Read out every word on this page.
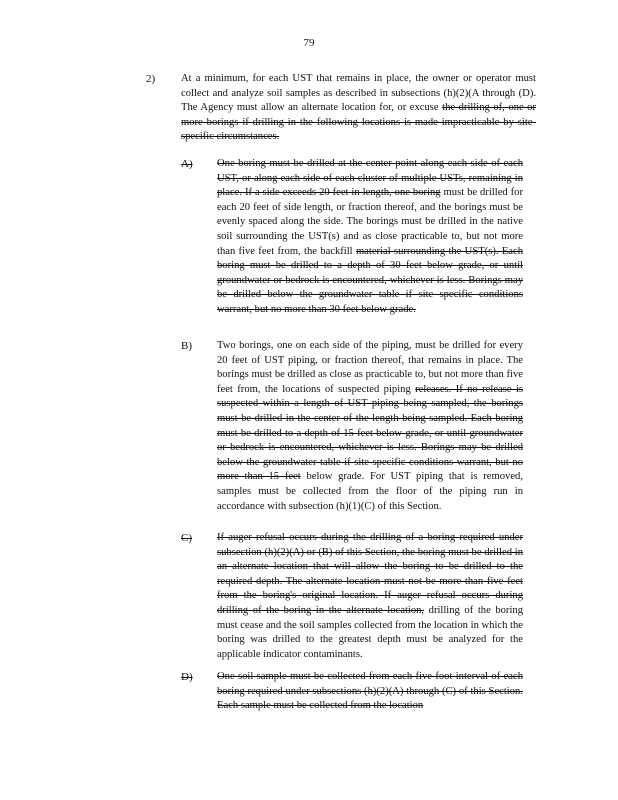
79
2) At a minimum, for each UST that remains in place, the owner or operator must collect and analyze soil samples as described in subsections (h)(2)(A through (D). The Agency must allow an alternate location for, or excuse the drilling of, one or more borings if drilling in the following locations is made impracticable by site-specific circumstances.
A) One boring must be drilled at the center point along each side of each UST, or along each side of each cluster of multiple USTs, remaining in place. If a side exceeds 20 feet in length, one boring must be drilled for each 20 feet of side length, or fraction thereof, and the borings must be evenly spaced along the side. The borings must be drilled in the native soil surrounding the UST(s) and as close practicable to, but not more than five feet from, the backfill material surrounding the UST(s). Each boring must be drilled to a depth of 30 feet below grade, or until groundwater or bedrock is encountered, whichever is less. Borings may be drilled below the groundwater table if site specific conditions warrant, but no more than 30 feet below grade.
B) Two borings, one on each side of the piping, must be drilled for every 20 feet of UST piping, or fraction thereof, that remains in place. The borings must be drilled as close as practicable to, but not more than five feet from, the locations of suspected piping releases. If no release is suspected within a length of UST piping being sampled, the borings must be drilled in the center of the length being sampled. Each boring must be drilled to a depth of 15 feet below grade, or until groundwater or bedrock is encountered, whichever is less. Borings may be drilled below the groundwater table if site specific conditions warrant, but no more than 15 feet below grade. For UST piping that is removed, samples must be collected from the floor of the piping run in accordance with subsection (h)(1)(C) of this Section.
C) If auger refusal occurs during the drilling of a boring required under subsection (h)(2)(A) or (B) of this Section, the boring must be drilled in an alternate location that will allow the boring to be drilled to the required depth. The alternate location must not be more than five feet from the boring's original location. If auger refusal occurs during drilling of the boring in the alternate location, drilling of the boring must cease and the soil samples collected from the location in which the boring was drilled to the greatest depth must be analyzed for the applicable indicator contaminants.
D) One soil sample must be collected from each five foot interval of each boring required under subsections (h)(2)(A) through (C) of this Section. Each sample must be collected from the location
